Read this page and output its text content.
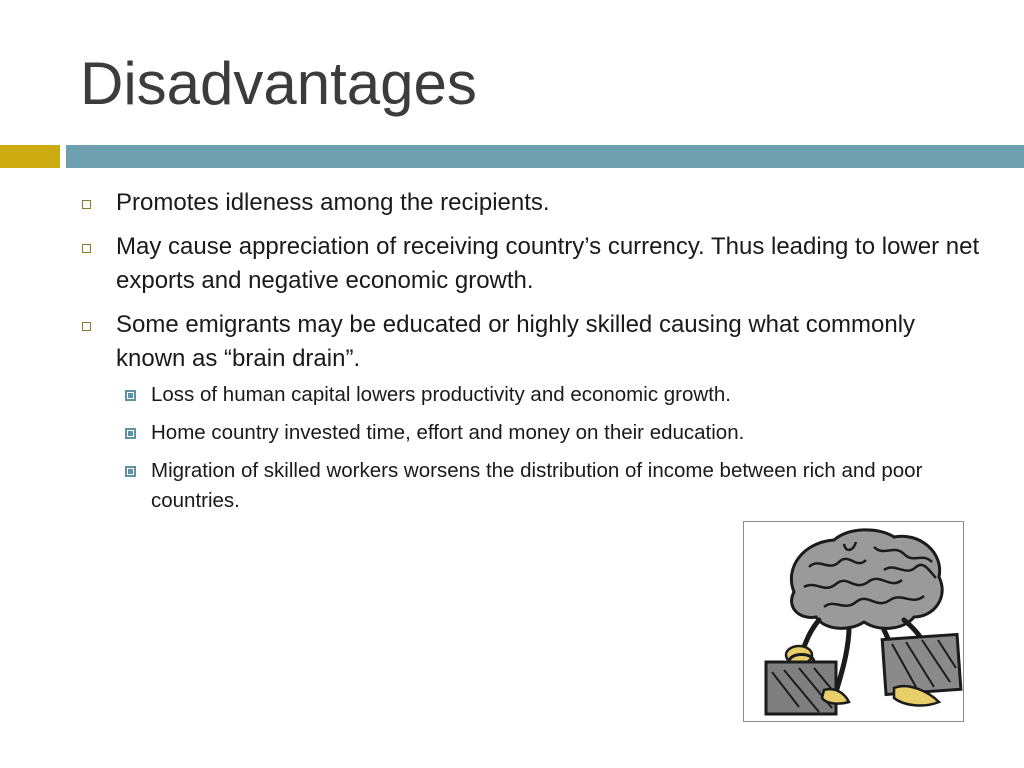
Disadvantages
Promotes idleness among the recipients.
May cause appreciation of receiving country’s currency. Thus leading to lower net exports and negative economic growth.
Some emigrants may be educated or highly skilled causing what commonly known as “brain drain”.
Loss of human capital lowers productivity and economic growth.
Home country invested time, effort and money on their education.
Migration of skilled workers worsens the distribution of income between rich and poor countries.
